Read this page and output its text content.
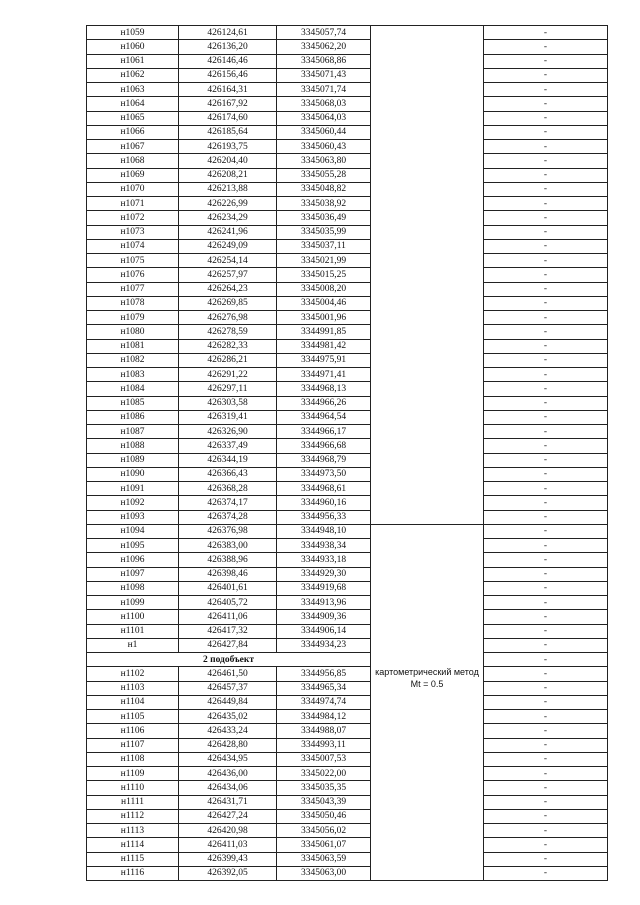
н1059	426124,61	3345057,74		-
н1060	426136,20	3345062,20		-
н1061	426146,46	3345068,86		-
н1062	426156,46	3345071,43		-
н1063	426164,31	3345071,74		-
н1064	426167,92	3345068,03		-
н1065	426174,60	3345064,03		-
н1066	426185,64	3345060,44		-
н1067	426193,75	3345060,43		-
н1068	426204,40	3345063,80		-
н1069	426208,21	3345055,28		-
н1070	426213,88	3345048,82		-
н1071	426226,99	3345038,92		-
н1072	426234,29	3345036,49		-
н1073	426241,96	3345035,99		-
н1074	426249,09	3345037,11		-
н1075	426254,14	3345021,99		-
н1076	426257,97	3345015,25		-
н1077	426264,23	3345008,20		-
н1078	426269,85	3345004,46		-
н1079	426276,98	3345001,96		-
н1080	426278,59	3344991,85		-
н1081	426282,33	3344981,42		-
н1082	426286,21	3344975,91		-
н1083	426291,22	3344971,41		-
н1084	426297,11	3344968,13		-
н1085	426303,58	3344966,26		-
н1086	426319,41	3344964,54		-
н1087	426326,90	3344966,17		-
н1088	426337,49	3344966,68		-
н1089	426344,19	3344968,79		-
н1090	426366,43	3344973,50		-
н1091	426368,28	3344968,61		-
н1092	426374,17	3344960,16		-
н1093	426374,28	3344956,33		-
н1094	426376,98	3344948,10	картометрический метод Mt = 0.5	-
н1095	426383,00	3344938,34		-
н1096	426388,96	3344933,18		-
н1097	426398,46	3344929,30		-
н1098	426401,61	3344919,68		-
н1099	426405,72	3344913,96		-
н1100	426411,06	3344909,36		-
н1101	426417,32	3344906,14		-
н1	426427,84	3344934,23		-
2 подобъект				-
н1102	426461,50	3344956,85		-
н1103	426457,37	3344965,34		-
н1104	426449,84	3344974,74		-
н1105	426435,02	3344984,12		-
н1106	426433,24	3344988,07		-
н1107	426428,80	3344993,11		-
н1108	426434,95	3345007,53		-
н1109	426436,00	3345022,00		-
н1110	426434,06	3345035,35		-
н1111	426431,71	3345043,39		-
н1112	426427,24	3345050,46		-
н1113	426420,98	3345056,02		-
н1114	426411,03	3345061,07		-
н1115	426399,43	3345063,59		-
н1116	426392,05	3345063,00		-
